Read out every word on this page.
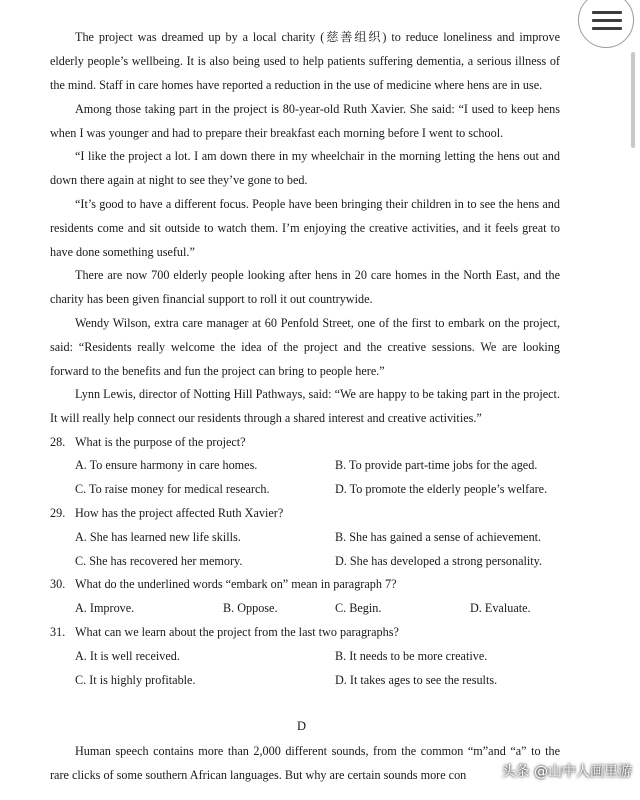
The project was dreamed up by a local charity (慈善组织) to reduce loneliness and improve elderly people’s wellbeing. It is also being used to help patients suffering dementia, a serious illness of the mind. Staff in care homes have reported a reduction in the use of medicine where hens are in use.

Among those taking part in the project is 80-year-old Ruth Xavier. She said: “I used to keep hens when I was younger and had to prepare their breakfast each morning before I went to school.

“I like the project a lot. I am down there in my wheelchair in the morning letting the hens out and down there again at night to see they’ve gone to bed.

“It’s good to have a different focus. People have been bringing their children in to see the hens and residents come and sit outside to watch them. I’m enjoying the creative activities, and it feels great to have done something useful.”

There are now 700 elderly people looking after hens in 20 care homes in the North East, and the charity has been given financial support to roll it out countrywide.

Wendy Wilson, extra care manager at 60 Penfold Street, one of the first to embark on the project, said: “Residents really welcome the idea of the project and the creative sessions. We are looking forward to the benefits and fun the project can bring to people here.”

Lynn Lewis, director of Notting Hill Pathways, said: “We are happy to be taking part in the project. It will really help connect our residents through a shared interest and creative activities.”

28. What is the purpose of the project?

A. To ensure harmony in care homes.	B. To provide part-time jobs for the aged.

C. To raise money for medical research.	D. To promote the elderly people’s welfare.

29. How has the project affected Ruth Xavier?

A. She has learned new life skills.	B. She has gained a sense of achievement.

C. She has recovered her memory.	D. She has developed a strong personality.

30. What do the underlined words “embark on” mean in paragraph 7?

A. Improve.	B. Oppose.	C. Begin.	D. Evaluate.

31. What can we learn about the project from the last two paragraphs?

A. It is well received.	B. It needs to be more creative.

C. It is highly profitable.	D. It takes ages to see the results.

D

Human speech contains more than 2,000 different sounds, from the common “m”and “a” to the rare clicks of some southern African languages. But why are certain sounds more con	头条 @山中人画里游
